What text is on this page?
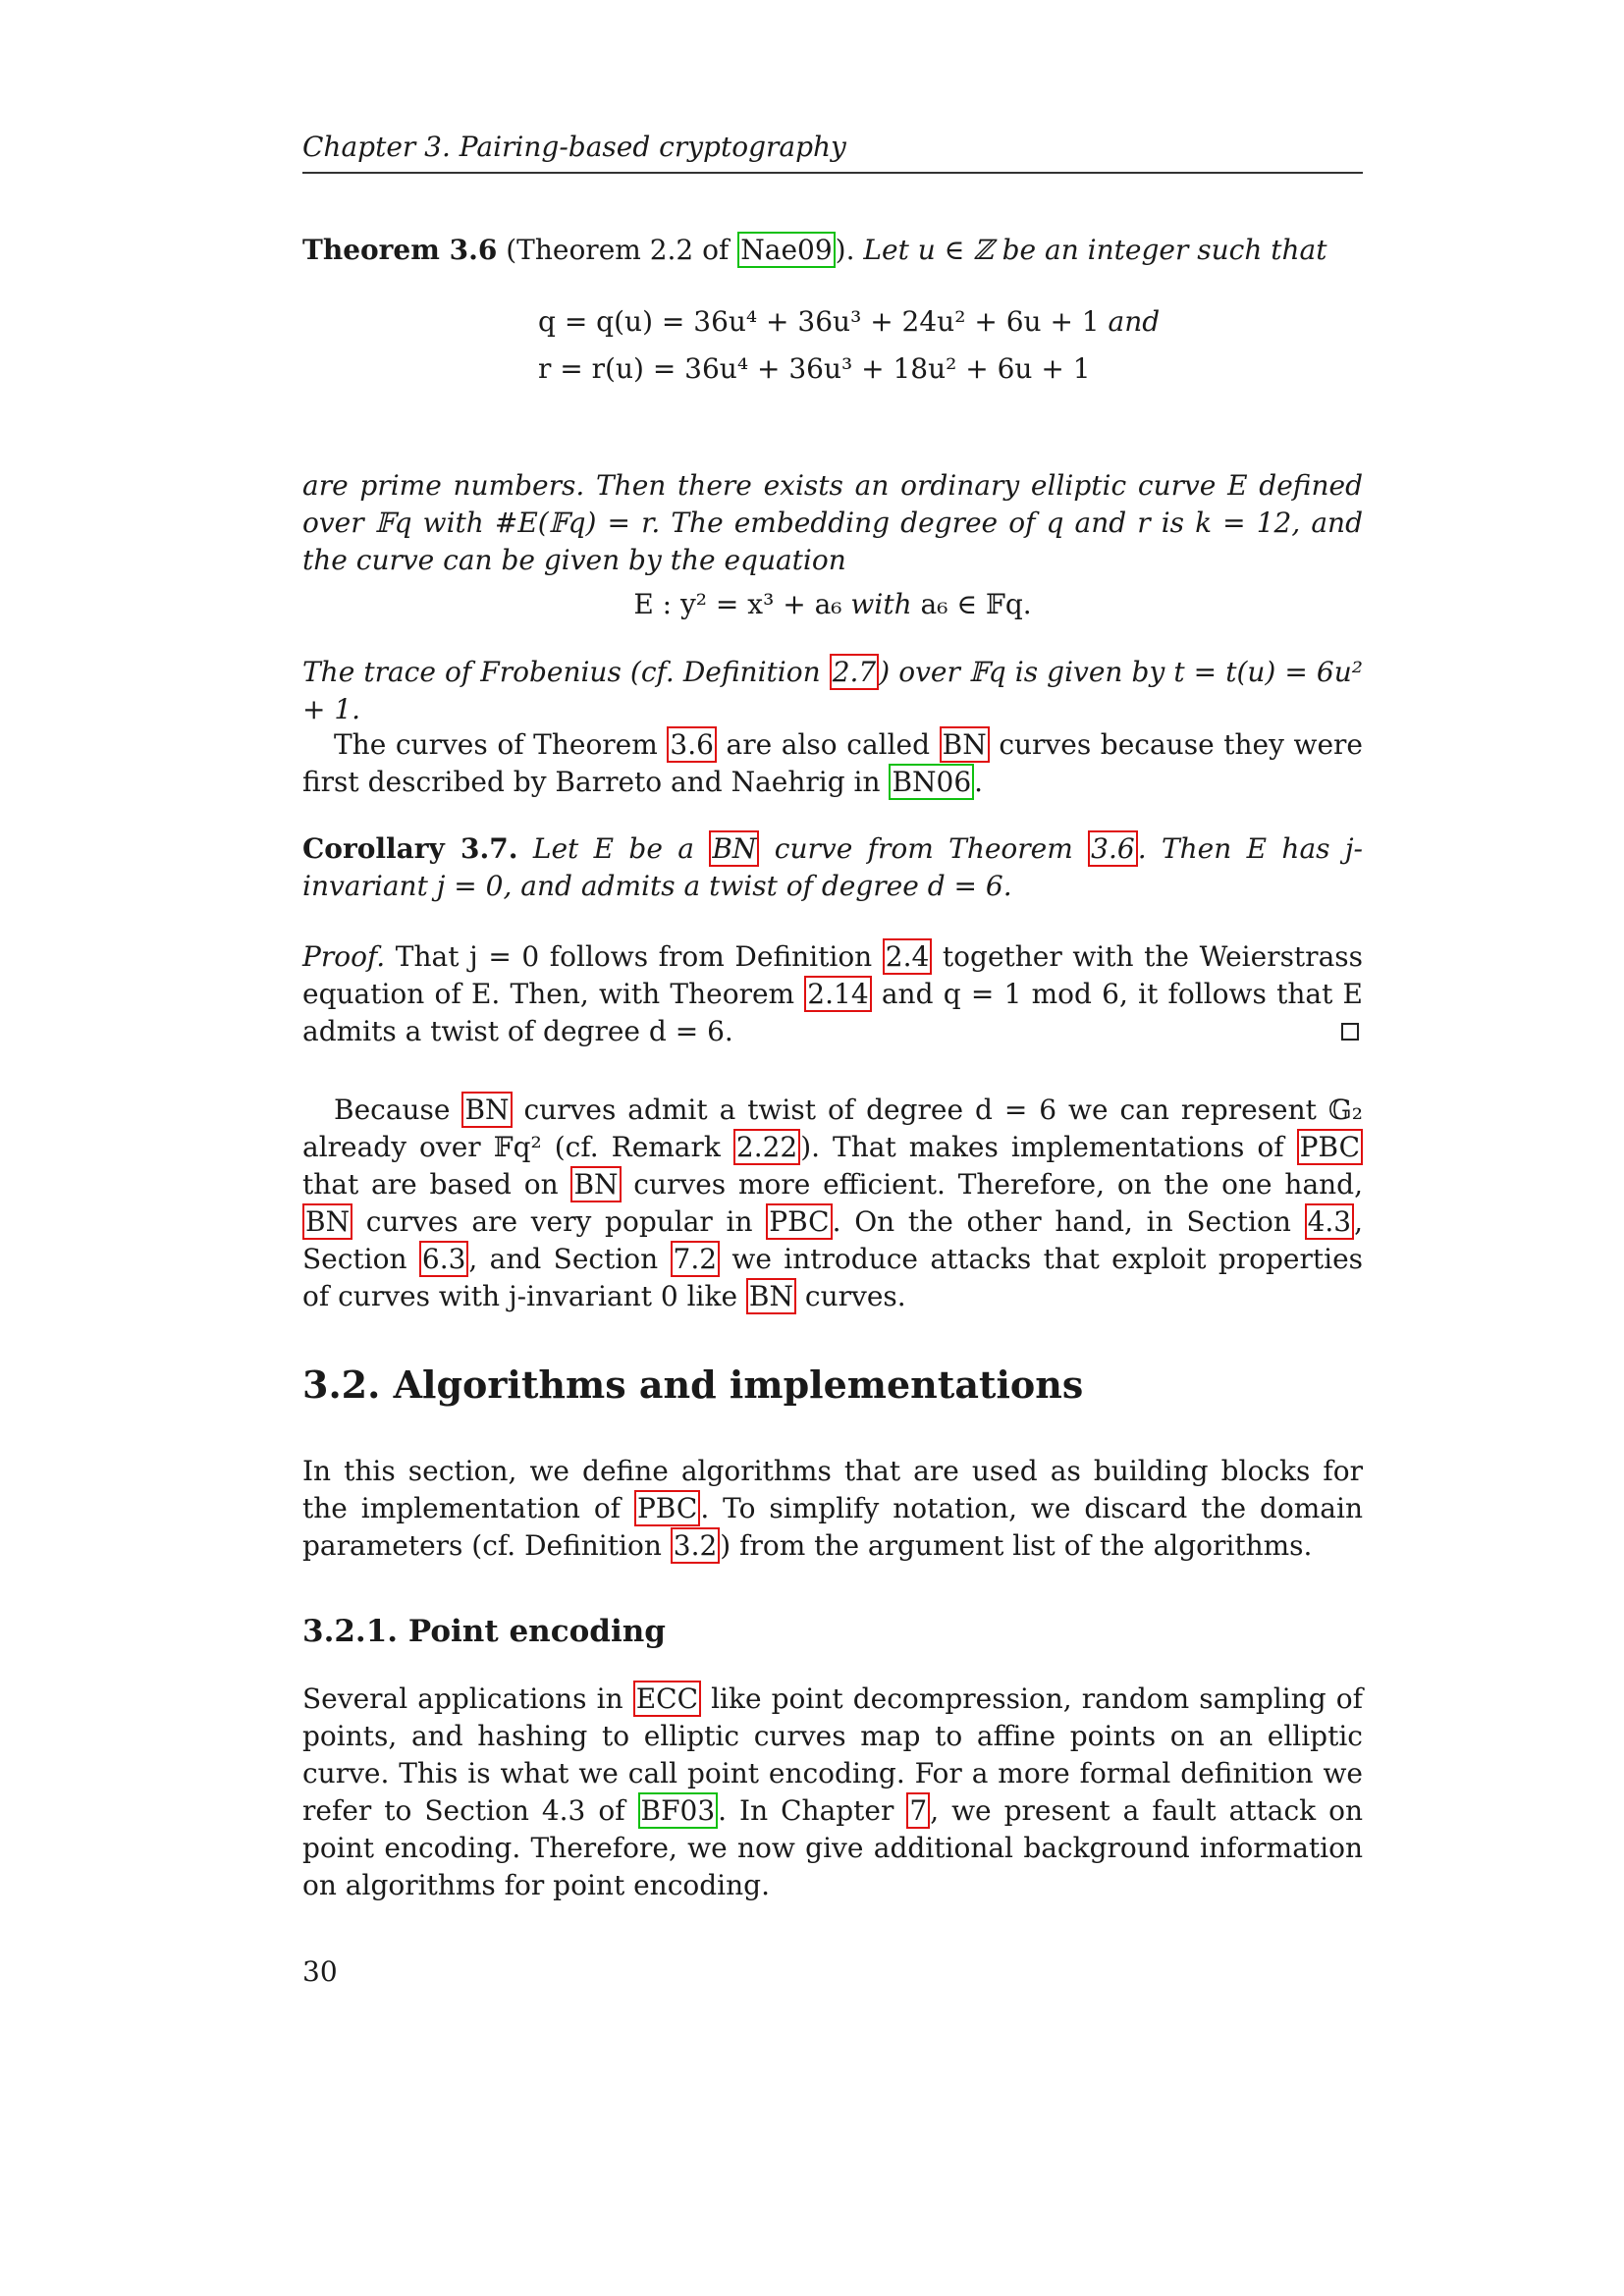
Chapter 3. Pairing-based cryptography

Theorem 3.6 (Theorem 2.2 of Nae09 ). Let u ∈ ℤ be an integer such that

q = q(u) = 36u⁴ + 36u³ + 24u² + 6u + 1 and
r = r(u) = 36u⁴ + 36u³ + 18u² + 6u + 1

are prime numbers. Then there exists an ordinary elliptic curve E defined over 𝔽q with #E(𝔽q) = r. The embedding degree of q and r is k = 12, and the curve can be given by the equation

E : y² = x³ + a₆ with a₆ ∈ 𝔽q.

The trace of Frobenius (cf. Definition 2.7 ) over 𝔽q is given by t = t(u) = 6u² + 1.

The curves of Theorem 3.6 are also called BN curves because they were first described by Barreto and Naehrig in BN06 .

Corollary 3.7. Let E be a BN curve from Theorem 3.6 . Then E has j-invariant j = 0, and admits a twist of degree d = 6.

Proof. That j = 0 follows from Definition 2.4 together with the Weierstrass equation of E. Then, with Theorem 2.14 and q = 1 mod 6, it follows that E admits a twist of degree d = 6.

Because BN curves admit a twist of degree d = 6 we can represent 𝔾₂ already over 𝔽q² (cf. Remark 2.22 ). That makes implementations of PBC that are based on BN curves more efficient. Therefore, on the one hand, BN curves are very popular in PBC . On the other hand, in Section 4.3 , Section 6.3 , and Section 7.2 we introduce attacks that exploit properties of curves with j-invariant 0 like BN curves.

3.2. Algorithms and implementations

In this section, we define algorithms that are used as building blocks for the implementation of PBC . To simplify notation, we discard the domain parameters (cf. Definition 3.2 ) from the argument list of the algorithms.

3.2.1. Point encoding

Several applications in ECC like point decompression, random sampling of points, and hashing to elliptic curves map to affine points on an elliptic curve. This is what we call point encoding. For a more formal definition we refer to Section 4.3 of BF03 . In Chapter 7 , we present a fault attack on point encoding. Therefore, we now give additional background information on algorithms for point encoding.

30
